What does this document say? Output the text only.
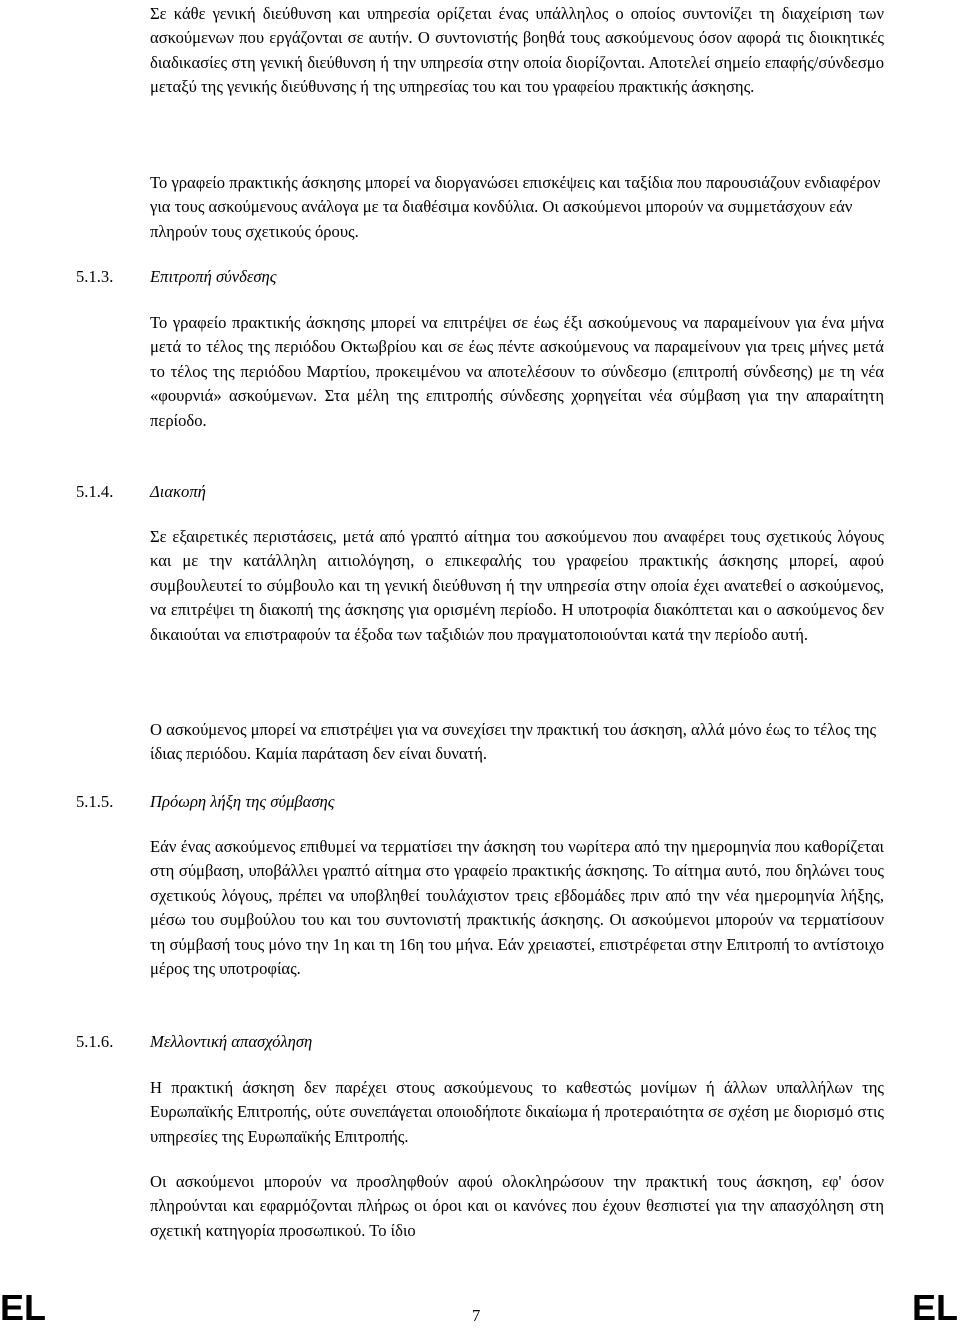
Σε κάθε γενική διεύθυνση και υπηρεσία ορίζεται ένας υπάλληλος ο οποίος συντονίζει τη διαχείριση των ασκούμενων που εργάζονται σε αυτήν. Ο συντονιστής βοηθά τους ασκούμενους όσον αφορά τις διοικητικές διαδικασίες στη γενική διεύθυνση ή την υπηρεσία στην οποία διορίζονται. Αποτελεί σημείο επαφής/σύνδεσμο μεταξύ της γενικής διεύθυνσης ή της υπηρεσίας του και του γραφείου πρακτικής άσκησης.

Το γραφείο πρακτικής άσκησης μπορεί να διοργανώσει επισκέψεις και ταξίδια που παρουσιάζουν ενδιαφέρον για τους ασκούμενους ανάλογα με τα διαθέσιμα κονδύλια. Οι ασκούμενοι μπορούν να συμμετάσχουν εάν πληρούν τους σχετικούς όρους.

5.1.3. Επιτροπή σύνδεσης

Το γραφείο πρακτικής άσκησης μπορεί να επιτρέψει σε έως έξι ασκούμενους να παραμείνουν για ένα μήνα μετά το τέλος της περιόδου Οκτωβρίου και σε έως πέντε ασκούμενους να παραμείνουν για τρεις μήνες μετά το τέλος της περιόδου Μαρτίου, προκειμένου να αποτελέσουν το σύνδεσμο (επιτροπή σύνδεσης) με τη νέα «φουρνιά» ασκούμενων. Στα μέλη της επιτροπής σύνδεσης χορηγείται νέα σύμβαση για την απαραίτητη περίοδο.

5.1.4. Διακοπή

Σε εξαιρετικές περιστάσεις, μετά από γραπτό αίτημα του ασκούμενου που αναφέρει τους σχετικούς λόγους και με την κατάλληλη αιτιολόγηση, ο επικεφαλής του γραφείου πρακτικής άσκησης μπορεί, αφού συμβουλευτεί το σύμβουλο και τη γενική διεύθυνση ή την υπηρεσία στην οποία έχει ανατεθεί ο ασκούμενος, να επιτρέψει τη διακοπή της άσκησης για ορισμένη περίοδο. Η υποτροφία διακόπτεται και ο ασκούμενος δεν δικαιούται να επιστραφούν τα έξοδα των ταξιδιών που πραγματοποιούνται κατά την περίοδο αυτή.

Ο ασκούμενος μπορεί να επιστρέψει για να συνεχίσει την πρακτική του άσκηση, αλλά μόνο έως το τέλος της ίδιας περιόδου. Καμία παράταση δεν είναι δυνατή.

5.1.5. Πρόωρη λήξη της σύμβασης

Εάν ένας ασκούμενος επιθυμεί να τερματίσει την άσκηση του νωρίτερα από την ημερομηνία που καθορίζεται στη σύμβαση, υποβάλλει γραπτό αίτημα στο γραφείο πρακτικής άσκησης. Το αίτημα αυτό, που δηλώνει τους σχετικούς λόγους, πρέπει να υποβληθεί τουλάχιστον τρεις εβδομάδες πριν από την νέα ημερομηνία λήξης, μέσω του συμβούλου του και του συντονιστή πρακτικής άσκησης. Οι ασκούμενοι μπορούν να τερματίσουν τη σύμβασή τους μόνο την 1η και τη 16η του μήνα. Εάν χρειαστεί, επιστρέφεται στην Επιτροπή το αντίστοιχο μέρος της υποτροφίας.

5.1.6. Μελλοντική απασχόληση

Η πρακτική άσκηση δεν παρέχει στους ασκούμενους το καθεστώς μονίμων ή άλλων υπαλλήλων της Ευρωπαϊκής Επιτροπής, ούτε συνεπάγεται οποιοδήποτε δικαίωμα ή προτεραιότητα σε σχέση με διορισμό στις υπηρεσίες της Ευρωπαϊκής Επιτροπής.

Οι ασκούμενοι μπορούν να προσληφθούν αφού ολοκληρώσουν την πρακτική τους άσκηση, εφ' όσον πληρούνται και εφαρμόζονται πλήρως οι όροι και οι κανόνες που έχουν θεσπιστεί για την απασχόληση στη σχετική κατηγορία προσωπικού. Το ίδιο

EL	7	EL
